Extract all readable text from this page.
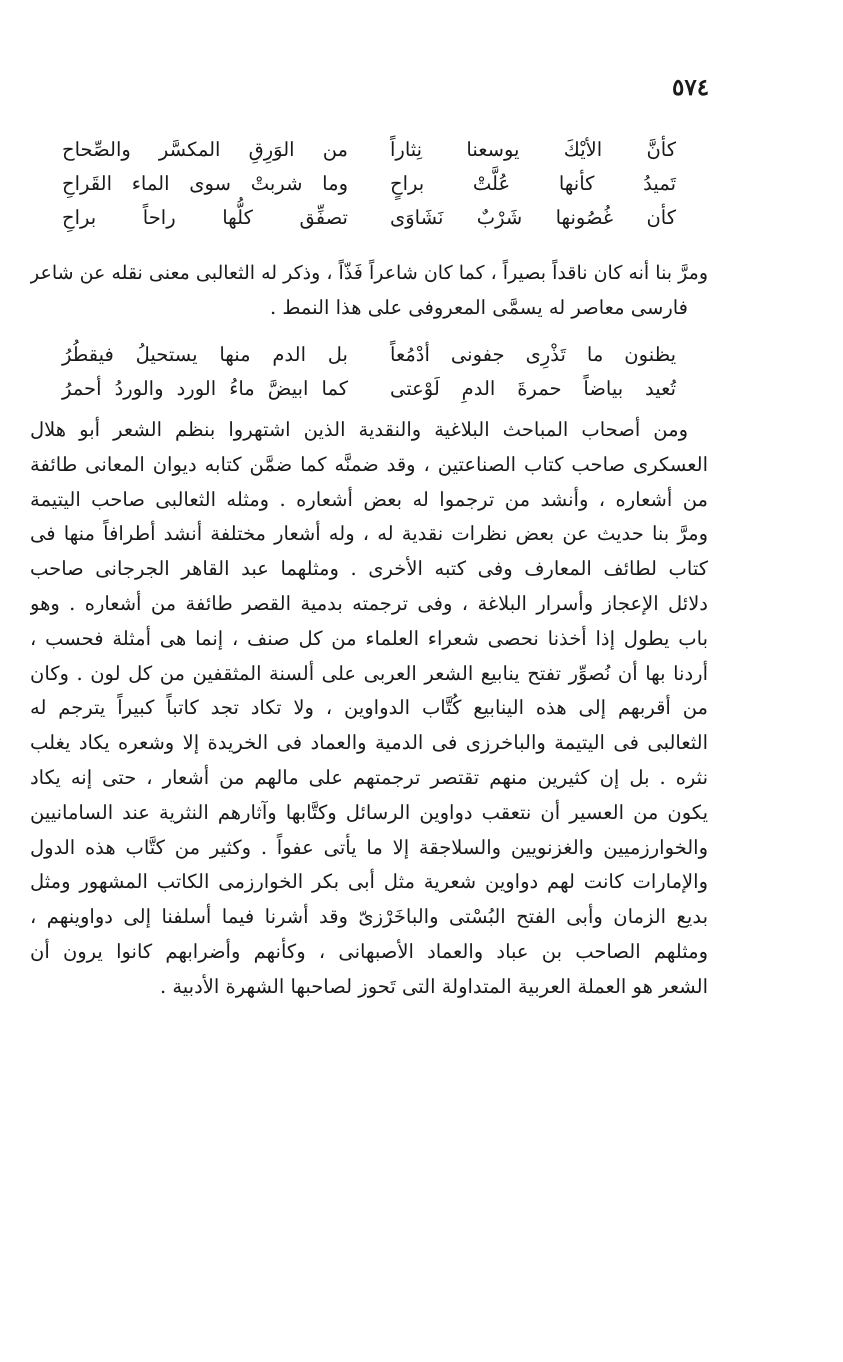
٥٧٤
كأنَّ الأيْكَ يوسعنا نِثاراً
من الوَرِقِ المكسَّر والصِّحاح
تَميدُ كأنها عُلَّتْ براحٍ
وما شربتْ سوى الماء القَراحِ
كأن غُصُونها شَرْبٌ نَشَاوَى
تصفِّق كلُّها راحاً براحِ
ومرَّ بنا أنه كان ناقداً بصيراً ، كما كان شاعراً فَذّاً ، وذكر له الثعالبى معنى نقله عن شاعر
فارسى معاصر له يسمَّى المعروفى على هذا النمط .
يظنون ما تَذْرِى جفونى أدْمُعاً
بل الدم منها يستحيلُ فيقطُرُ
تُعيد بياضاً حمرةَ الدمِ لَوْعتى
كما ابيضَّ ماءُ الورد والوردُ أحمرُ
ومن أصحاب المباحث البلاغية والنقدية الذين اشتهروا بنظم الشعر أبو هلال
العسكرى صاحب كتاب الصناعتين ، وقد ضمنَّه كما ضمَّن كتابه ديوان المعانى طائفة
من أشعاره ، وأنشد من ترجموا له بعض أشعاره . ومثله الثعالبى صاحب اليتيمة
ومرَّ بنا حديث عن بعض نظرات نقدية له ، وله أشعار مختلفة أنشد أطرافاً منها فى
كتاب لطائف المعارف وفى كتبه الأخرى . ومثلهما عبد القاهر الجرجانى صاحب
دلائل الإعجاز وأسرار البلاغة ، وفى ترجمته بدمية القصر طائفة من أشعاره . وهو
باب يطول إذا أخذنا نحصى شعراء العلماء من كل صنف ، إنما هى أمثلة فحسب ،
أردنا بها أن نُصوِّر تفتح ينابيع الشعر العربى على ألسنة المثقفين من كل لون . وكان
من أقربهم إلى هذه الينابيع كُتَّاب الدواوين ، ولا تكاد تجد كاتباً كبيراً يترجم له
الثعالبى فى اليتيمة والباخرزى فى الدمية والعماد فى الخريدة إلا وشعره يكاد يغلب
نثره . بل إن كثيرين منهم تقتصر ترجمتهم على مالهم من أشعار ، حتى إنه يكاد
يكون من العسير أن نتعقب دواوين الرسائل وكتَّابها وآثارهم النثرية عند السامانيين
والخوارزميين والغزنويين والسلاجقة إلا ما يأتى عفواً . وكثير من كتَّاب هذه الدول
والإمارات كانت لهم دواوين شعرية مثل أبى بكر الخوارزمى الكاتب المشهور ومثل
بديع الزمان وأبى الفتح البُسْتى والباخَرْزىّ وقد أشرنا فيما أسلفنا إلى دواوينهم ،
ومثلهم الصاحب بن عباد والعماد الأصبهانى ، وكأنهم وأضرابهم كانوا يرون أن
الشعر هو العملة العربية المتداولة التى تَحوز لصاحبها الشهرة الأدبية .
